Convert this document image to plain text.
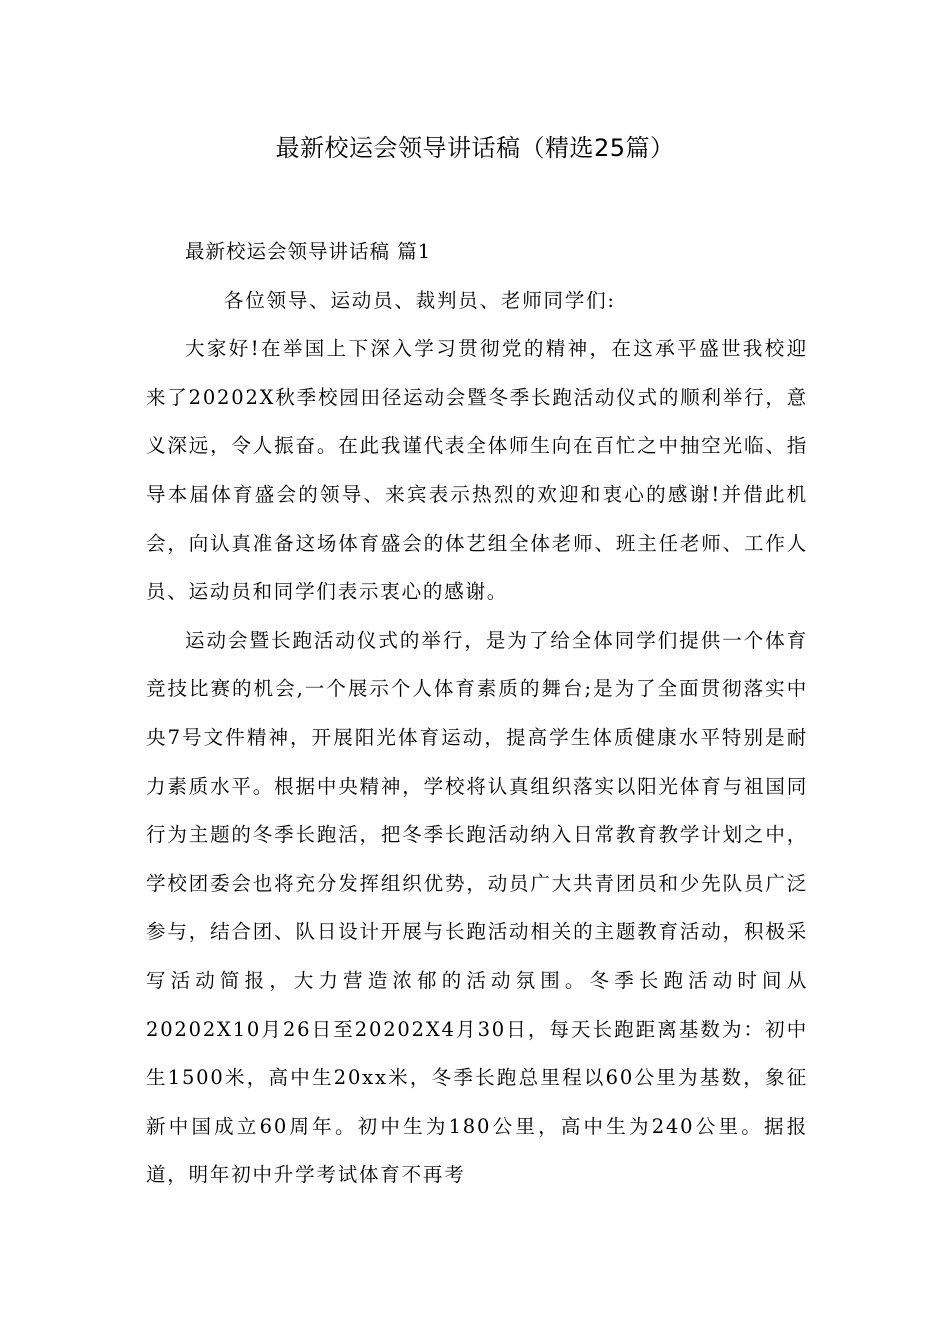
最新校运会领导讲话稿（精选25篇）

最新校运会领导讲话稿 篇1

各位领导、运动员、裁判员、老师同学们:

大家好!在举国上下深入学习贯彻党的精神，在这承平盛世我校迎来了20202X秋季校园田径运动会暨冬季长跑活动仪式的顺利举行，意义深远，令人振奋。在此我谨代表全体师生向在百忙之中抽空光临、指导本届体育盛会的领导、来宾表示热烈的欢迎和衷心的感谢!并借此机会，向认真准备这场体育盛会的体艺组全体老师、班主任老师、工作人员、运动员和同学们表示衷心的感谢。

运动会暨长跑活动仪式的举行，是为了给全体同学们提供一个体育竞技比赛的机会,一个展示个人体育素质的舞台;是为了全面贯彻落实中央7号文件精神，开展阳光体育运动，提高学生体质健康水平特别是耐力素质水平。根据中央精神，学校将认真组织落实以阳光体育与祖国同行为主题的冬季长跑活，把冬季长跑活动纳入日常教育教学计划之中，学校团委会也将充分发挥组织优势，动员广大共青团员和少先队员广泛参与，结合团、队日设计开展与长跑活动相关的主题教育活动，积极采写活动简报，大力营造浓郁的活动氛围。冬季长跑活动时间从20202X10月26日至20202X4月30日，每天长跑距离基数为：初中生1500米，高中生20xx米，冬季长跑总里程以60公里为基数，象征新中国成立60周年。初中生为180公里，高中生为240公里。据报道，明年初中升学考试体育不再考
